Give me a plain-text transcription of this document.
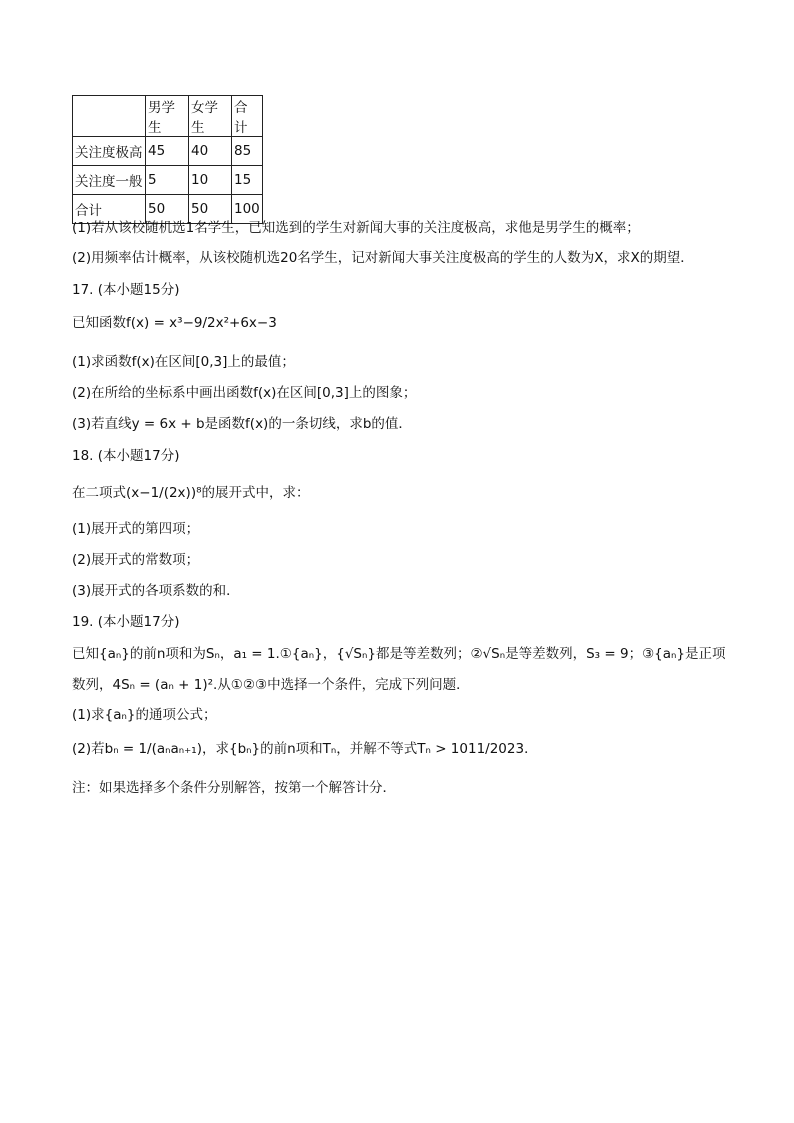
	男学生	女学生	合计
关注度极高	45	40	85
关注度一般	5	10	15
合计	50	50	100
(1)若从该校随机选1名学生，已知选到的学生对新闻大事的关注度极高，求他是男学生的概率；
(2)用频率估计概率，从该校随机选20名学生，记对新闻大事关注度极高的学生的人数为X，求X的期望．
17. (本小题15分)
已知函数f(x) = x³−9/2x²+6x−3
(1)求函数f(x)在区间[0,3]上的最值；
(2)在所给的坐标系中画出函数f(x)在区间[0,3]上的图象；
(3)若直线y = 6x + b是函数f(x)的一条切线，求b的值．
18. (本小题17分)
在二项式(x−1/(2x))⁸的展开式中，求：
(1)展开式的第四项；
(2)展开式的常数项；
(3)展开式的各项系数的和．
19. (本小题17分)
已知{aₙ}的前n项和为Sₙ，a₁ = 1.①{aₙ}，{√Sₙ}都是等差数列；②√Sₙ是等差数列，S₃ = 9；③{aₙ}是正项
数列，4Sₙ = (aₙ + 1)².从①②③中选择一个条件，完成下列问题．
(1)求{aₙ}的通项公式；
(2)若bₙ = 1/(aₙaₙ₊₁)，求{bₙ}的前n项和Tₙ，并解不等式Tₙ > 1011/2023．
注：如果选择多个条件分别解答，按第一个解答计分．
